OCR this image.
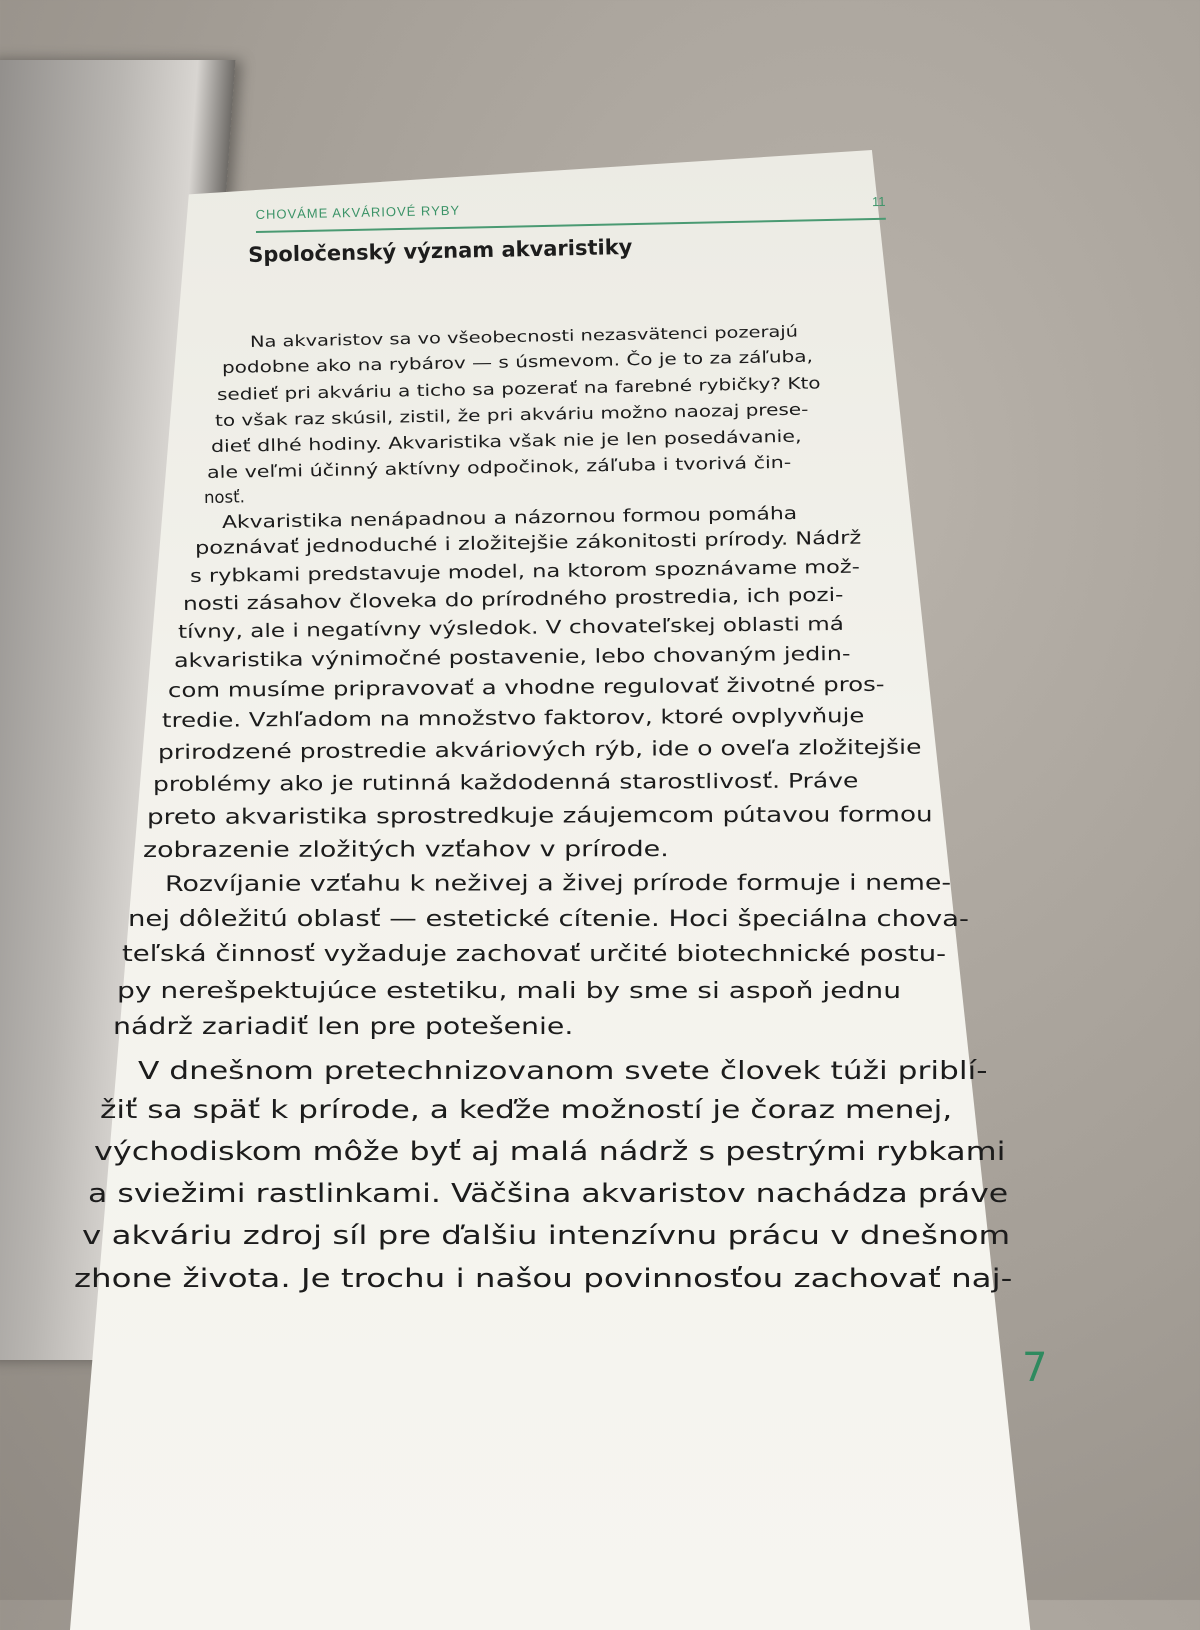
CHOVÁME AKVÁRIOVÉ RYBY
11
Spoločenský význam akvaristiky
Na akvaristov sa vo všeobecnosti nezasvätenci pozerajú
podobne ako na rybárov — s úsmevom. Čo je to za záľuba,
sedieť pri akváriu a ticho sa pozerať na farebné rybičky? Kto
to však raz skúsil, zistil, že pri akváriu možno naozaj prese-
dieť dlhé hodiny. Akvaristika však nie je len posedávanie,
ale veľmi účinný aktívny odpočinok, záľuba i tvorivá čin-
nosť.
Akvaristika nenápadnou a názornou formou pomáha
poznávať jednoduché i zložitejšie zákonitosti prírody. Nádrž
s rybkami predstavuje model, na ktorom spoznávame mož-
nosti zásahov človeka do prírodného prostredia, ich pozi-
tívny, ale i negatívny výsledok. V chovateľskej oblasti má
akvaristika výnimočné postavenie, lebo chovaným jedin-
com musíme pripravovať a vhodne regulovať životné pros-
tredie. Vzhľadom na množstvo faktorov, ktoré ovplyvňuje
prirodzené prostredie akváriových rýb, ide o oveľa zložitejšie
problémy ako je rutinná každodenná starostlivosť. Práve
preto akvaristika sprostredkuje záujemcom pútavou formou
zobrazenie zložitých vzťahov v prírode.
Rozvíjanie vzťahu k neživej a živej prírode formuje i neme-
nej dôležitú oblasť — estetické cítenie. Hoci špeciálna chova-
teľská činnosť vyžaduje zachovať určité biotechnické postu-
py nerešpektujúce estetiku, mali by sme si aspoň jednu
nádrž zariadiť len pre potešenie.
V dnešnom pretechnizovanom svete človek túži priblí-
žiť sa späť k prírode, a keďže možností je čoraz menej,
východiskom môže byť aj malá nádrž s pestrými rybkami
a sviežimi rastlinkami. Väčšina akvaristov nachádza práve
v akváriu zdroj síl pre ďalšiu intenzívnu prácu v dnešnom
zhone života. Je trochu i našou povinnosťou zachovať naj-
7
